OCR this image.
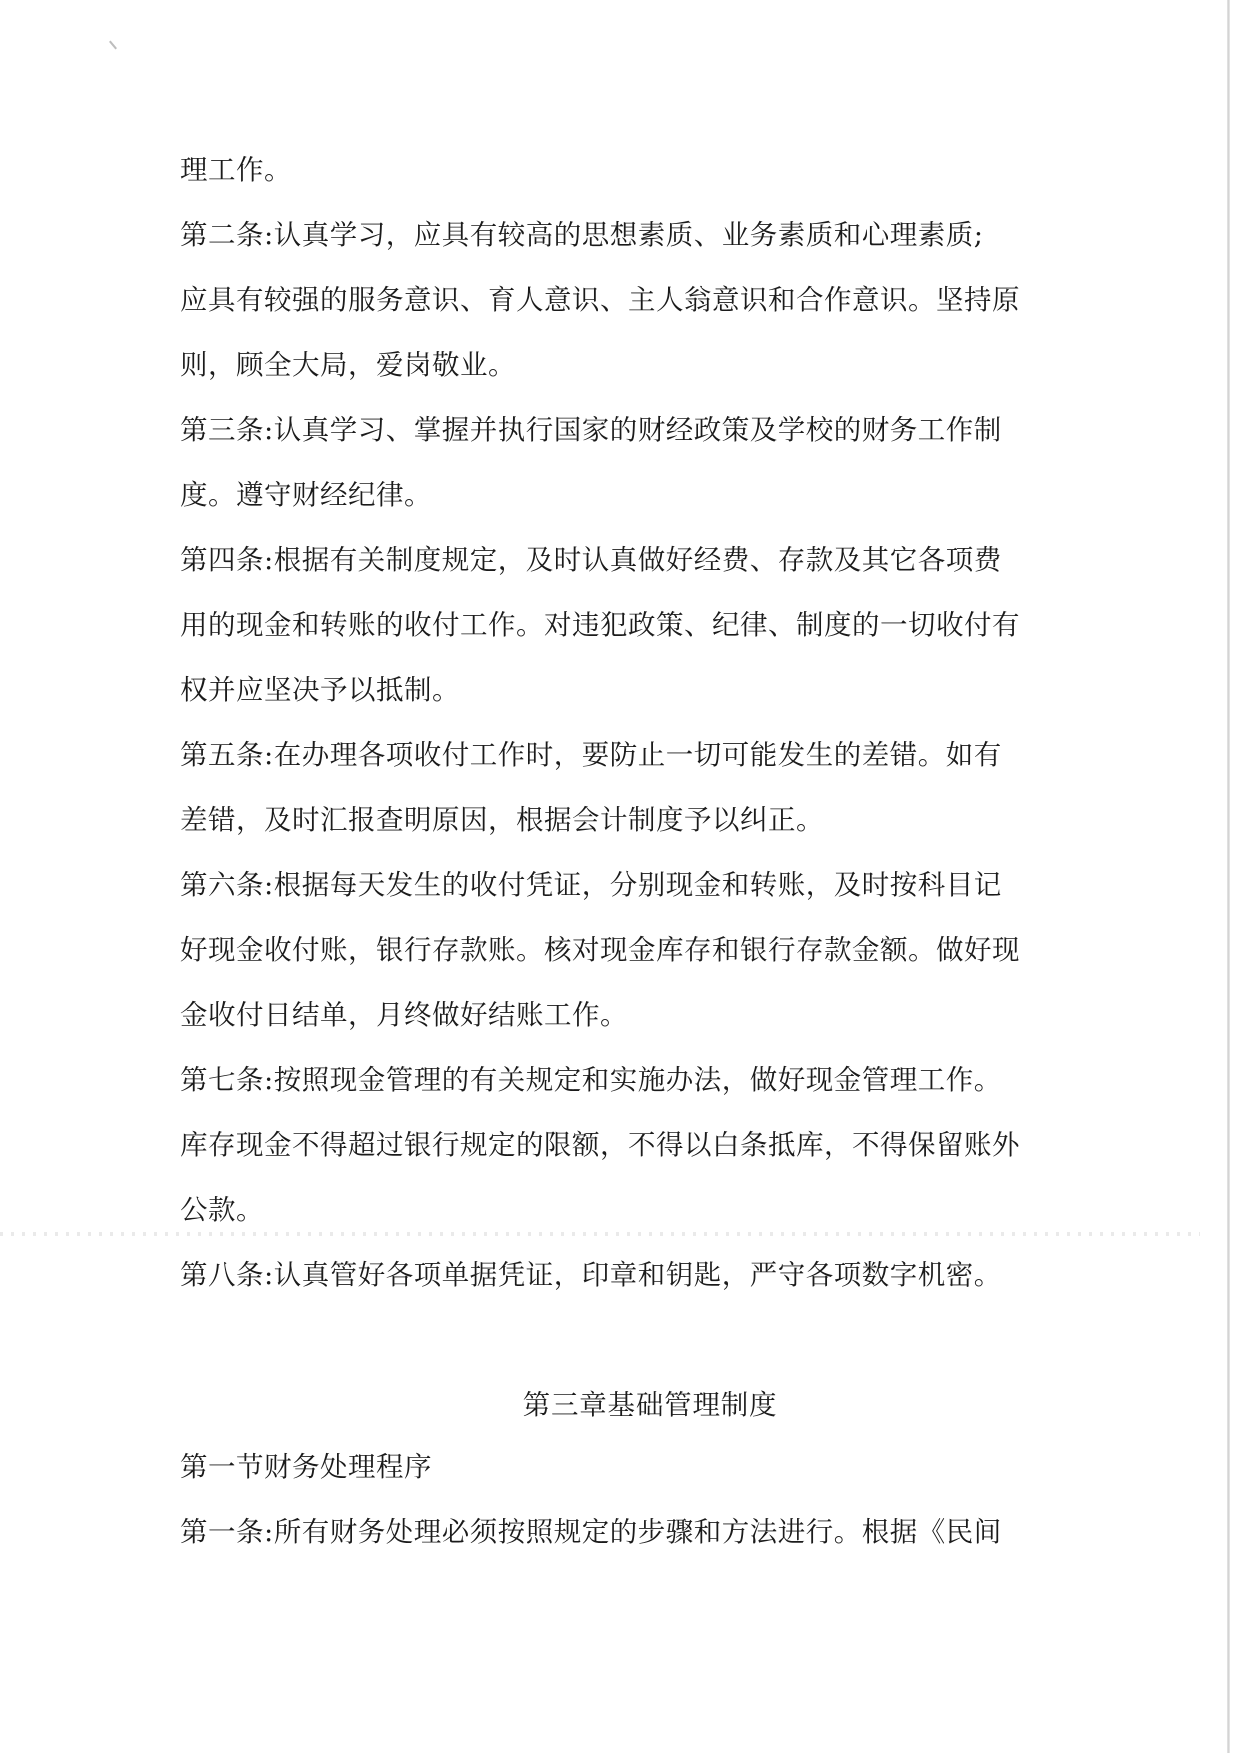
理工作。
第二条:认真学习，应具有较高的思想素质、业务素质和心理素质;
应具有较强的服务意识、育人意识、主人翁意识和合作意识。坚持原
则，顾全大局，爱岗敬业。
第三条:认真学习、掌握并执行国家的财经政策及学校的财务工作制
度。遵守财经纪律。
第四条:根据有关制度规定，及时认真做好经费、存款及其它各项费
用的现金和转账的收付工作。对违犯政策、纪律、制度的一切收付有
权并应坚决予以抵制。
第五条:在办理各项收付工作时，要防止一切可能发生的差错。如有
差错，及时汇报查明原因，根据会计制度予以纠正。
第六条:根据每天发生的收付凭证，分别现金和转账，及时按科目记
好现金收付账，银行存款账。核对现金库存和银行存款金额。做好现
金收付日结单，月终做好结账工作。
第七条:按照现金管理的有关规定和实施办法，做好现金管理工作。
库存现金不得超过银行规定的限额，不得以白条抵库，不得保留账外
公款。
第八条:认真管好各项单据凭证，印章和钥匙，严守各项数字机密。
第三章基础管理制度
第一节财务处理程序
第一条:所有财务处理必须按照规定的步骤和方法进行。根据《民间
